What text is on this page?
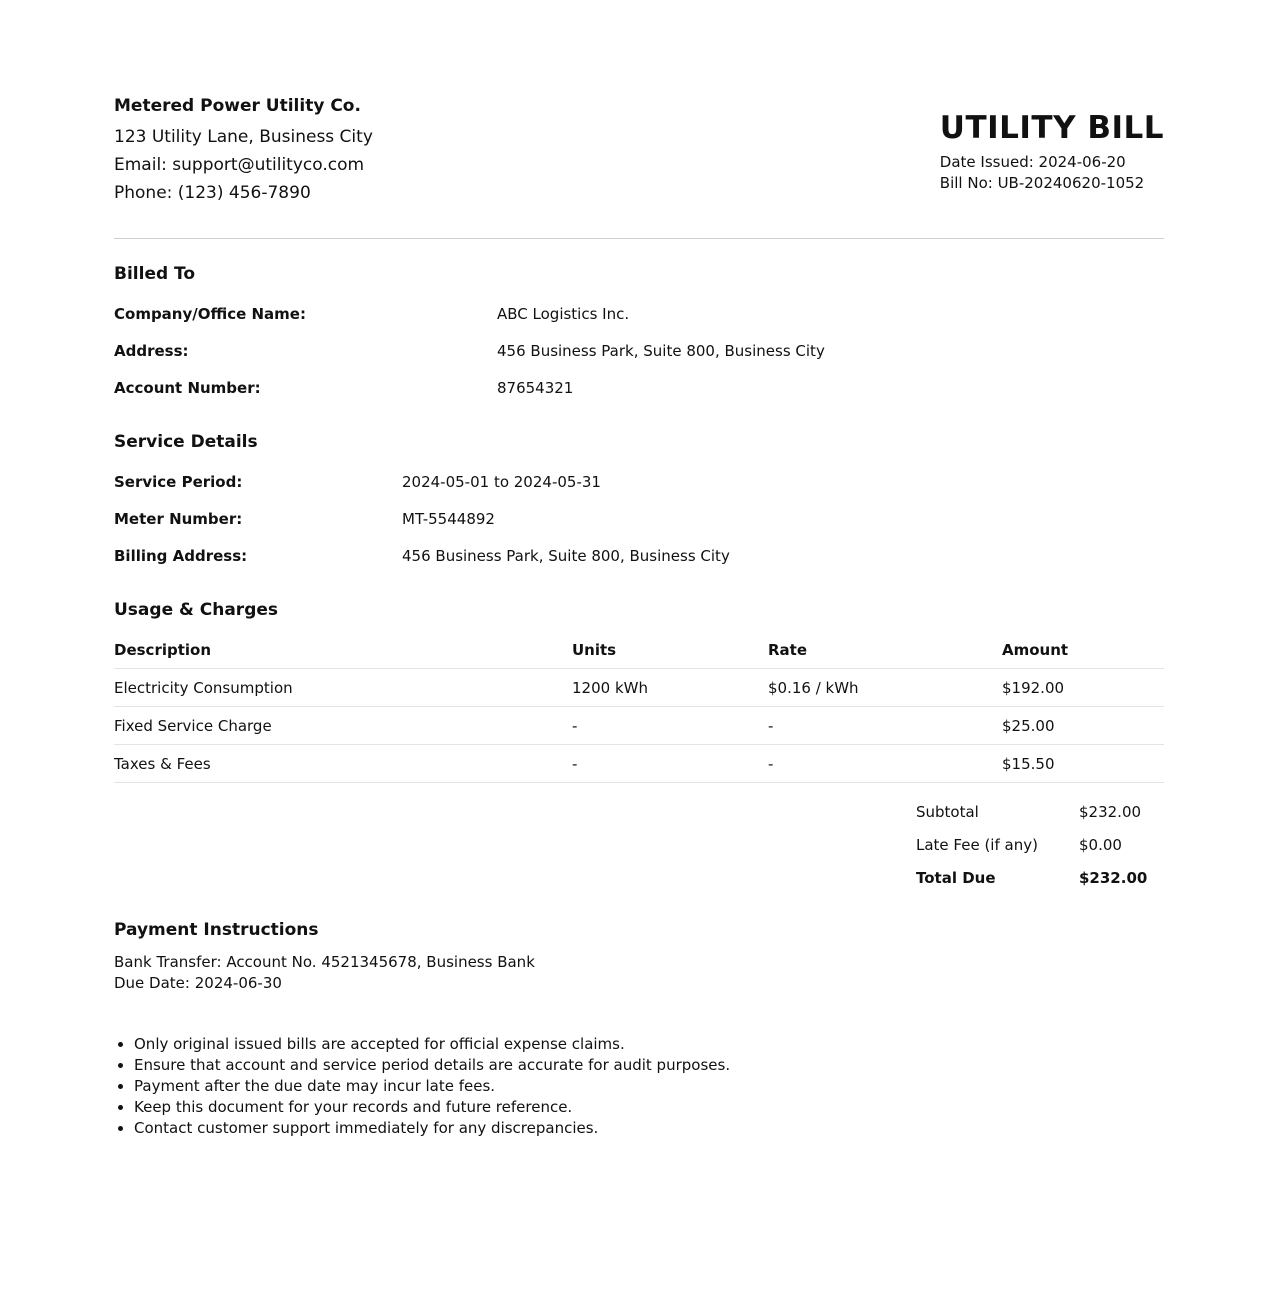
Metered Power Utility Co.
123 Utility Lane, Business City
Email: support@utilityco.com
Phone: (123) 456-7890
UTILITY BILL
Date Issued: 2024-06-20
Bill No: UB-20240620-1052
Billed To
Company/Office Name:	ABC Logistics Inc.
Address:	456 Business Park, Suite 800, Business City
Account Number:	87654321
Service Details
Service Period:	2024-05-01 to 2024-05-31
Meter Number:	MT-5544892
Billing Address:	456 Business Park, Suite 800, Business City
Usage & Charges
Description	Units	Rate	Amount
Electricity Consumption	1200 kWh	$0.16 / kWh	$192.00
Fixed Service Charge	-	-	$25.00
Taxes & Fees	-	-	$15.50
Subtotal	$232.00
Late Fee (if any)	$0.00
Total Due	$232.00
Payment Instructions
Bank Transfer: Account No. 4521345678, Business Bank
Due Date: 2024-06-30
• Only original issued bills are accepted for official expense claims.
• Ensure that account and service period details are accurate for audit purposes.
• Payment after the due date may incur late fees.
• Keep this document for your records and future reference.
• Contact customer support immediately for any discrepancies.
